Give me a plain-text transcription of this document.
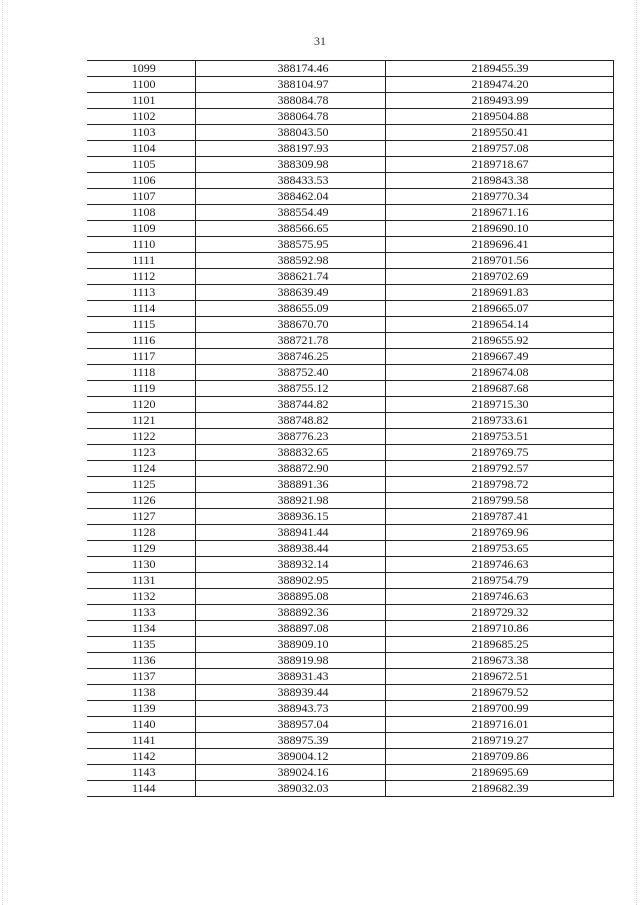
31
1099	388174.46	2189455.39
1100	388104.97	2189474.20
1101	388084.78	2189493.99
1102	388064.78	2189504.88
1103	388043.50	2189550.41
1104	388197.93	2189757.08
1105	388309.98	2189718.67
1106	388433.53	2189843.38
1107	388462.04	2189770.34
1108	388554.49	2189671.16
1109	388566.65	2189690.10
1110	388575.95	2189696.41
1111	388592.98	2189701.56
1112	388621.74	2189702.69
1113	388639.49	2189691.83
1114	388655.09	2189665.07
1115	388670.70	2189654.14
1116	388721.78	2189655.92
1117	388746.25	2189667.49
1118	388752.40	2189674.08
1119	388755.12	2189687.68
1120	388744.82	2189715.30
1121	388748.82	2189733.61
1122	388776.23	2189753.51
1123	388832.65	2189769.75
1124	388872.90	2189792.57
1125	388891.36	2189798.72
1126	388921.98	2189799.58
1127	388936.15	2189787.41
1128	388941.44	2189769.96
1129	388938.44	2189753.65
1130	388932.14	2189746.63
1131	388902.95	2189754.79
1132	388895.08	2189746.63
1133	388892.36	2189729.32
1134	388897.08	2189710.86
1135	388909.10	2189685.25
1136	388919.98	2189673.38
1137	388931.43	2189672.51
1138	388939.44	2189679.52
1139	388943.73	2189700.99
1140	388957.04	2189716.01
1141	388975.39	2189719.27
1142	389004.12	2189709.86
1143	389024.16	2189695.69
1144	389032.03	2189682.39
